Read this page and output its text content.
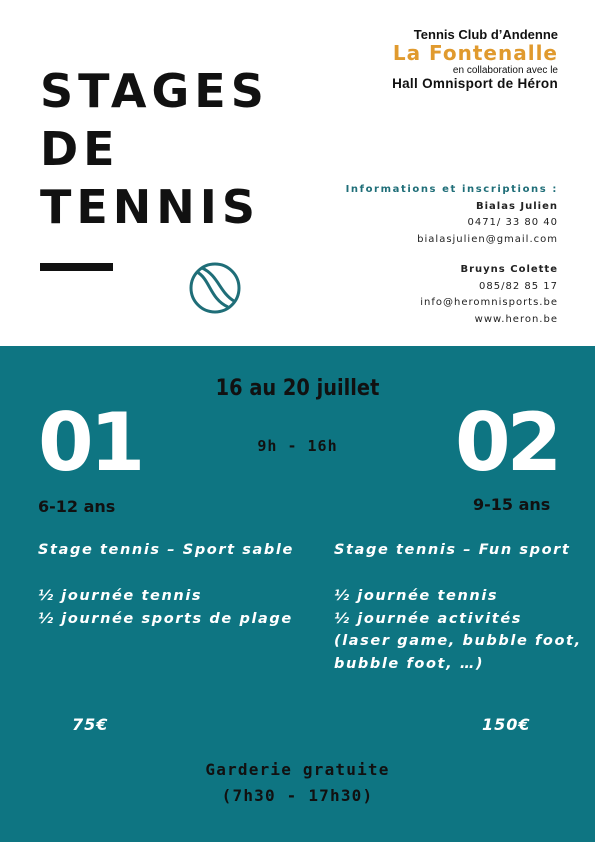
STAGES
DE
TENNIS
Tennis Club d’Andenne
La Fontenalle
en collaboration avec le
Hall Omnisport de Héron
Informations et inscriptions :
Bialas Julien
0471/ 33 80 40
bialasjulien@gmail.com
Bruyns Colette
085/82 85 17
info@heromnisports.be
www.heron.be
16 au 20 juillet
9h - 16h
01
6-12 ans
Stage tennis – Sport sable
½ journée tennis
½ journée sports de plage
75€
02
9-15 ans
Stage tennis – Fun sport
½ journée tennis
½ journée activités
(laser game, bubble foot,
bubble foot, …)
150€
Garderie gratuite
(7h30 - 17h30)
